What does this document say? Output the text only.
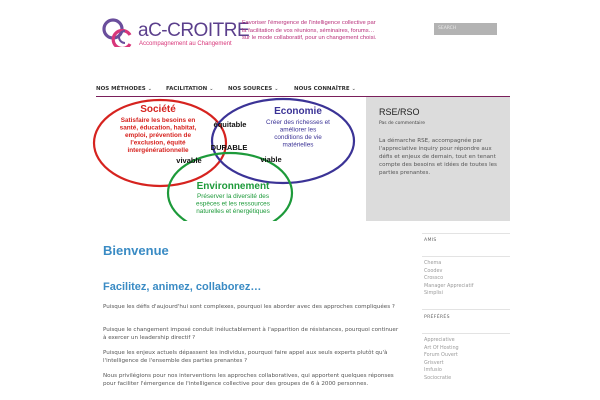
aC-CROITRE
Accompagnement au Changement

Favoriser l'émergence de l'intelligence collective par la facilitation de vos réunions, séminaires, forums… sur le mode collaboratif, pour un changement choisi.

SEARCH
NOS MÉTHODES ⌄	FACILITATION ⌄	NOS SOURCES ⌄	NOUS CONNAÎTRE ⌄
Société
Satisfaire les besoins en
santé, éducation, habitat,
emploi, prévention de
l'exclusion, équité
intergénérationnelle
Economie
Créer des richesses et
améliorer les
conditions de vie
matérielles
équitable
DURABLE
vivable	viable
Environnement
Préserver la diversité des
espèces et les ressources
naturelles et énergétiques
RSE/RSO
Pas de commentaire

La démarche RSE, accompagnée par l'appreciative inquiry pour répondre aux défis et enjeux de demain, tout en tenant compte des besoins et idées de toutes les parties prenantes.

Bienvenue
Facilitez, animez, collaborez…

Puisque les défis d'aujourd'hui sont complexes, pourquoi les aborder avec des approches compliquées ?

Puisque le changement imposé conduit inéluctablement à l'apparition de résistances, pourquoi continuer à exercer un leadership directif ?

Puisque les enjeux actuels dépassent les individus, pourquoi faire appel aux seuls experts plutôt qu'à l'intelligence de l'ensemble des parties prenantes ?

Nous privilégions pour nos interventions les approches collaboratives, qui apportent quelques réponses pour faciliter l'émergence de l'intelligence collective pour des groupes de 6 à 2000 personnes.

AMIS
Chema
Coodev
Crossco
Manager Appreciatif
Simplisi
PRÉFÉRÉS
Appreciative
Art Of Hosting
Forum Ouvert
Grisvert
Imfusio
Sociocratie
